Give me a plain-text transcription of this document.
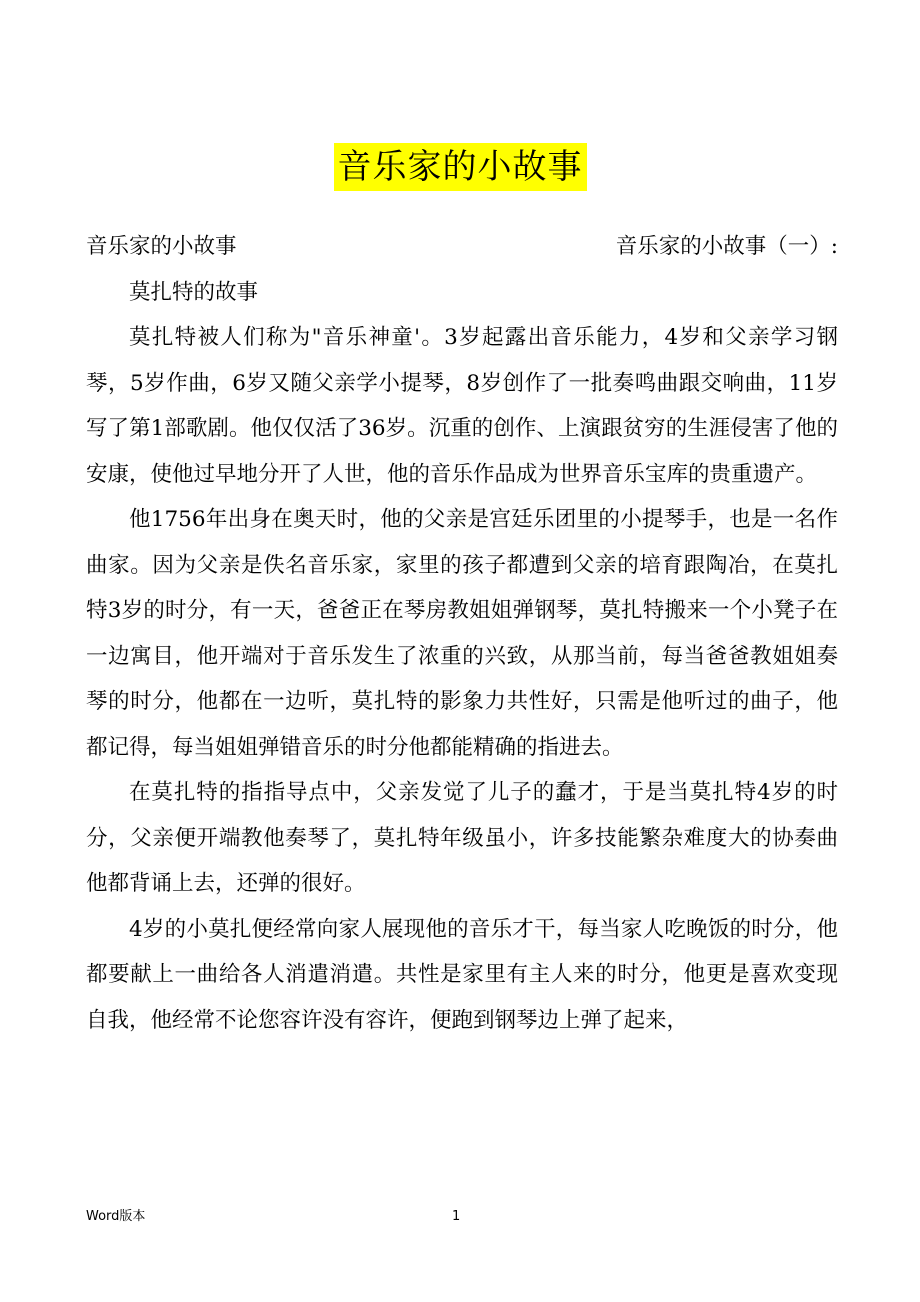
音乐家的小故事
音乐家的小故事	音乐家的小故事（一）:

莫扎特的故事

莫扎特被人们称为"音乐神童'。3岁起露出音乐能力，4岁和父亲学习钢琴，5岁作曲，6岁又随父亲学小提琴，8岁创作了一批奏鸣曲跟交响曲，11岁写了第1部歌剧。他仅仅活了36岁。沉重的创作、上演跟贫穷的生涯侵害了他的安康，使他过早地分开了人世，他的音乐作品成为世界音乐宝库的贵重遗产。

他1756年出身在奥天时，他的父亲是宫廷乐团里的小提琴手，也是一名作曲家。因为父亲是佚名音乐家，家里的孩子都遭到父亲的培育跟陶冶，在莫扎特3岁的时分，有一天，爸爸正在琴房教姐姐弹钢琴，莫扎特搬来一个小凳子在一边寓目，他开端对于音乐发生了浓重的兴致，从那当前，每当爸爸教姐姐奏琴的时分，他都在一边听，莫扎特的影象力共性好，只需是他听过的曲子，他都记得，每当姐姐弹错音乐的时分他都能精确的指进去。

在莫扎特的指指导点中，父亲发觉了儿子的蠢才，于是当莫扎特4岁的时分，父亲便开端教他奏琴了，莫扎特年级虽小，许多技能繁杂难度大的协奏曲他都背诵上去，还弹的很好。

4岁的小莫扎便经常向家人展现他的音乐才干，每当家人吃晚饭的时分，他都要献上一曲给各人消遣消遣。共性是家里有主人来的时分，他更是喜欢变现自我，他经常不论您容许没有容许，便跑到钢琴边上弹了起来，

Word版本	1
